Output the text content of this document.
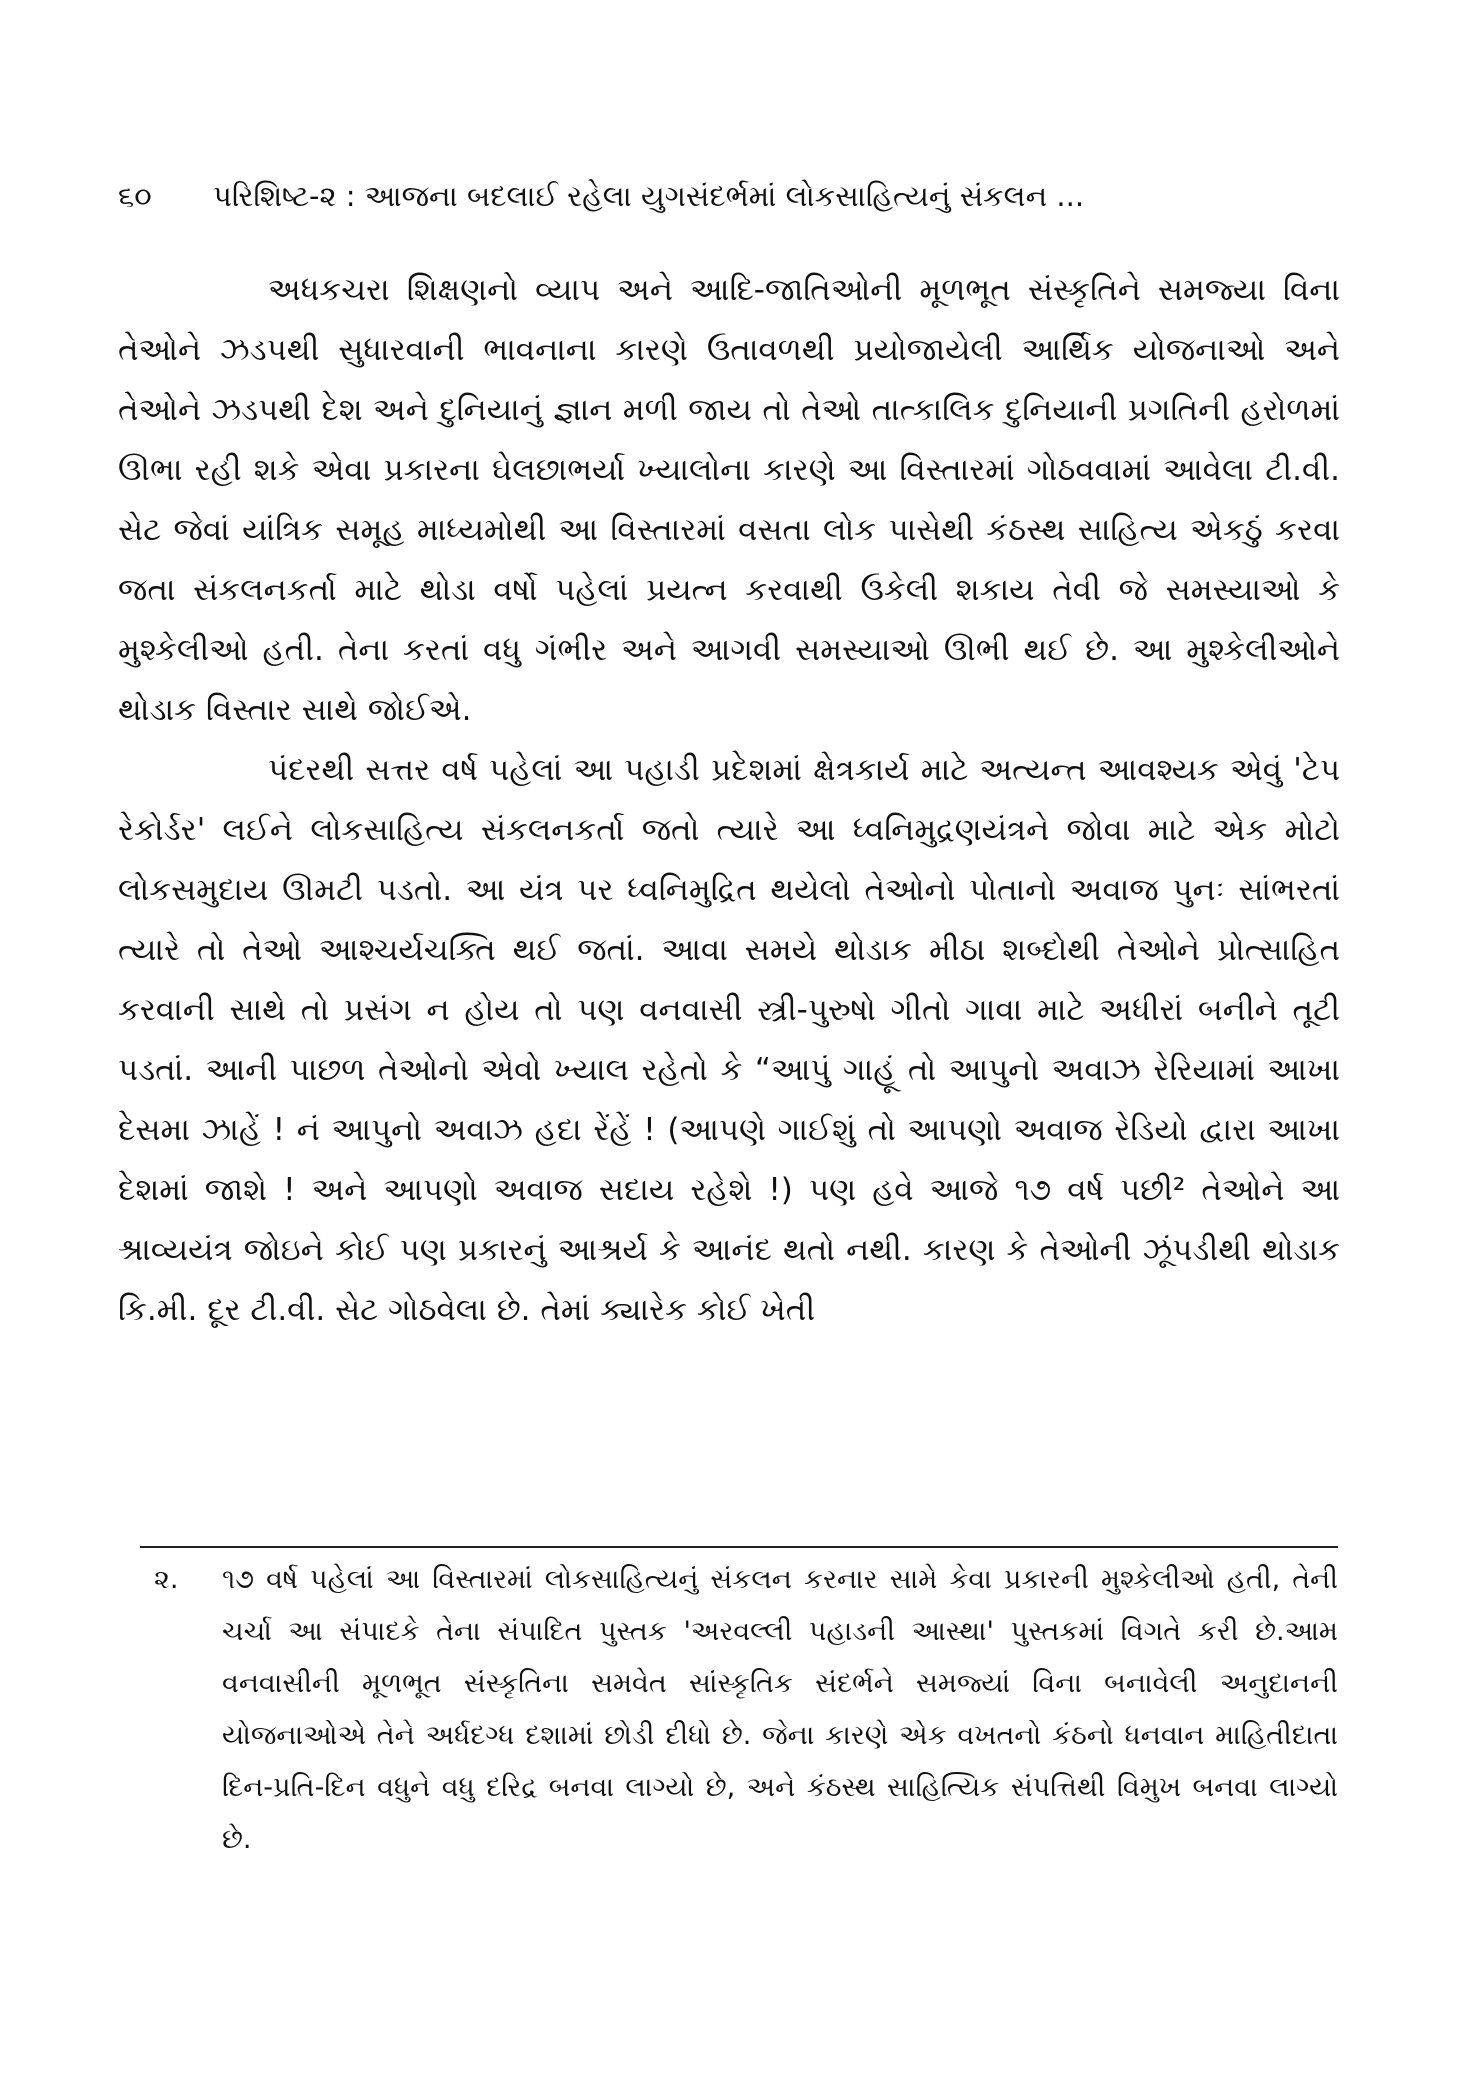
૬૦ પરિશિષ્ટ-૨ : આજના બદલાઈ રહેલા યુગસંદર્ભમાં લોકસાહિત્યનું સંકલન ...

અધકચરા શિક્ષણનો વ્યાપ અને આદિ-જાતિઓની મૂળભૂત સંસ્કૃતિને સમજ્યા વિના તેઓને ઝડપથી સુધારવાની ભાવનાના કારણે ઉતાવળથી પ્રયોજાયેલી આર્થિક યોજનાઓ અને તેઓને ઝડપથી દેશ અને દુનિયાનું જ્ઞાન મળી જાય તો તેઓ તાત્કાલિક દુનિયાની પ્રગતિની હરોળમાં ઊભા રહી શકે એવા પ્રકારના ઘેલછાભર્યા ખ્યાલોના કારણે આ વિસ્તારમાં ગોઠવવામાં આવેલા ટી.વી. સેટ જેવાં યાંત્રિક સમૂહ માધ્યમોથી આ વિસ્તારમાં વસતા લોક પાસેથી કંઠસ્થ સાહિત્ય એકઠું કરવા જતા સંકલનકર્તા માટે થોડા વર્ષો પહેલાં પ્રયત્ન કરવાથી ઉકેલી શકાય તેવી જે સમસ્યાઓ કે મુશ્કેલીઓ હતી. તેના કરતાં વધુ ગંભીર અને આગવી સમસ્યાઓ ઊભી થઈ છે. આ મુશ્કેલીઓને થોડાક વિસ્તાર સાથે જોઈએ.

પંદરથી સત્તર વર્ષ પહેલાં આ પહાડી પ્રદેશમાં ક્ષેત્રકાર્ય માટે અત્યન્ત આવશ્યક એવું 'ટેપ રેકોર્ડર' લઈને લોકસાહિત્ય સંકલનકર્તા જતો ત્યારે આ ધ્વનિમુદ્રણયંત્રને જોવા માટે એક મોટો લોકસમુદાય ઊમટી પડતો. આ યંત્ર પર ધ્વનિમુદ્રિત થયેલો તેઓનો પોતાનો અવાજ પુનઃ સાંભરતાં ત્યારે તો તેઓ આશ્ચર્યચક્તિ થઈ જતાં. આવા સમયે થોડાક મીઠા શબ્દોથી તેઓને પ્રોત્સાહિત કરવાની સાથે તો પ્રસંગ ન હોય તો પણ વનવાસી સ્ત્રી-પુરુષો ગીતો ગાવા માટે અધીરાં બનીને તૂટી પડતાં. આની પાછળ તેઓનો એવો ખ્યાલ રહેતો કે “આપું ગાહૂં તો આપુનો અવાઝ રેરિયામાં આખા દેસમા ઝાહેં ! નં આપુનો અવાઝ હદા રેંહેં ! (આપણે ગાઈશું તો આપણો અવાજ રેડિયો દ્વારા આખા દેશમાં જાશે ! અને આપણો અવાજ સદાય રહેશે !) પણ હવે આજે ૧૭ વર્ષ પછી² તેઓને આ શ્રાવ્યયંત્ર જોઇને કોઈ પણ પ્રકારનું આશ્રર્ય કે આનંદ થતો નથી. કારણ કે તેઓની ઝૂંપડીથી થોડાક કિ.મી. દૂર ટી.વી. સેટ ગોઠવેલા છે. તેમાં ક્યારેક કોઈ ખેતી

૨.	૧૭ વર્ષ પહેલાં આ વિસ્તારમાં લોકસાહિત્યનું સંકલન કરનાર સામે કેવા પ્રકારની મુશ્કેલીઓ હતી, તેની ચર્ચા આ સંપાદકે તેના સંપાદિત પુસ્તક 'અરવલ્લી પહાડની આસ્થા' પુસ્તકમાં વિગતે કરી છે.આમ વનવાસીની મૂળભૂત સંસ્કૃતિના સમવેત સાંસ્કૃતિક સંદર્ભને સમજ્યાં વિના બનાવેલી અનુદાનની યોજનાઓએ તેને અર્ધદગ્ધ દશામાં છોડી દીધો છે. જેના કારણે એક વખતનો કંઠનો ધનવાન માહિતીદાતા દિન-પ્રતિ-દિન વધુને વધુ દરિદ્ર બનવા લાગ્યો છે, અને કંઠસ્થ સાહિત્યિક સંપત્તિથી વિમુખ બનવા લાગ્યો છે.
